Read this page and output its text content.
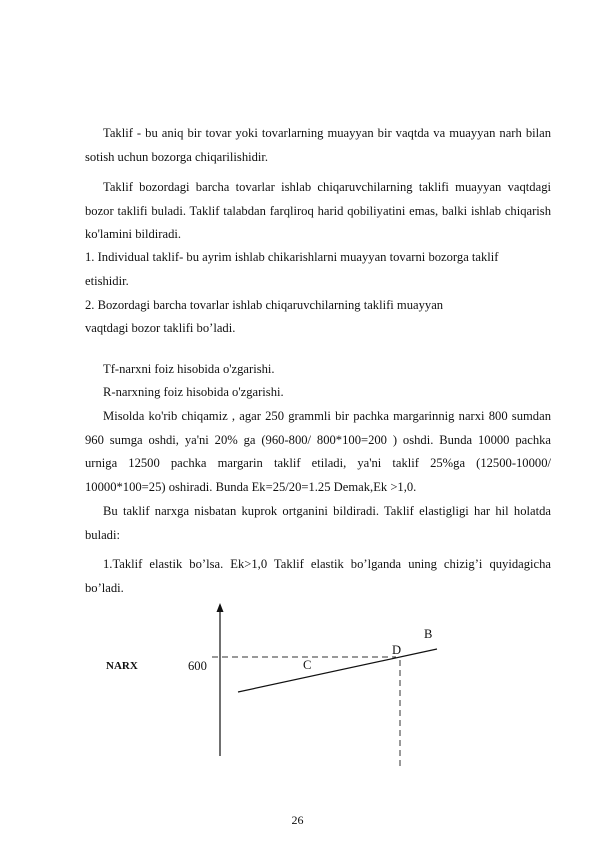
Taklif - bu aniq bir tovar yoki tovarlarning muayyan bir vaqtda va muayyan narh bilan sotish uchun bozorga chiqarilishidir.

Taklif bozordagi barcha tovarlar ishlab chiqaruvchilarning taklifi muayyan vaqtdagi bozor taklifi buladi. Taklif talabdan farqliroq harid qobiliyatini emas, balki ishlab chiqarish ko'lamini bildiradi.

1. Individual taklif- bu ayrim ishlab chikarishlarni muayyan tovarni bozorga taklif
etishidir.
2. Bozordagi barcha tovarlar ishlab chiqaruvchilarning taklifi muayyan
vaqtdagi bozor taklifi bo’ladi.
Tf-narxni foiz hisobida o'zgarishi.
R-narxning foiz hisobida o'zgarishi.

Misolda ko'rib chiqamiz , agar 250 grammli bir pachka margarinnig narxi 800 sumdan 960 sumga oshdi, ya'ni 20% ga (960-800/ 800*100=200 ) oshdi. Bunda 10000 pachka urniga 12500 pachka margarin taklif etiladi, ya'ni taklif 25%ga (12500-10000/ 10000*100=25) oshiradi. Bunda Ek=25/20=1.25 Demak,Ek >1,0.

Bu taklif narxga nisbatan kuprok ortganini bildiradi. Taklif elastigligi har hil holatda buladi:

1.Taklif elastik bo’lsa. Ek>1,0 Taklif elastik bo’lganda uning chizig’i quyidagicha bo’ladi.

NARX	600
B
D
C
26
